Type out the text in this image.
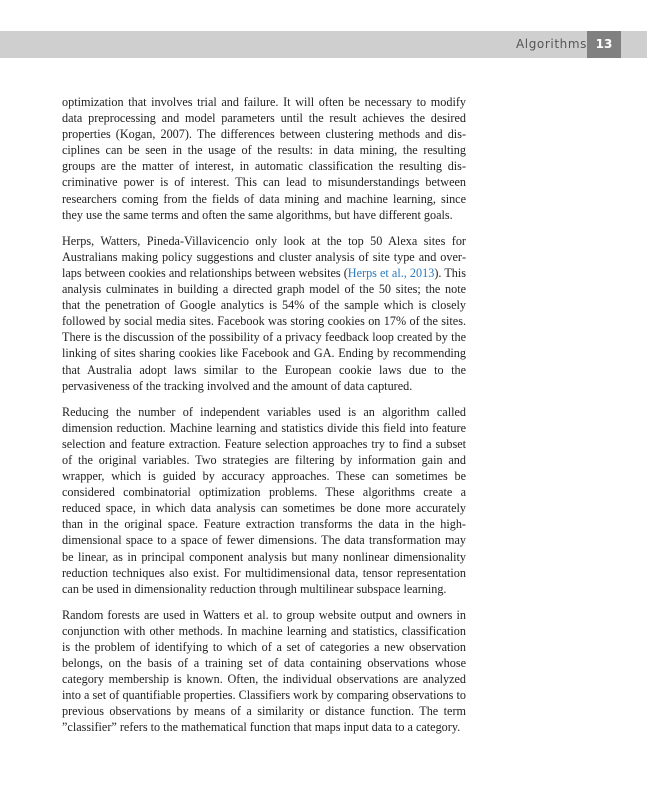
Algorithms 13

optimization that involves trial and failure. It will often be necessary to modify data preprocessing and model parameters until the result achieves the desired properties (Kogan, 2007). The differences between clustering methods and disciplines can be seen in the usage of the results: in data mining, the resulting groups are the matter of interest, in automatic classification the resulting discriminative power is of interest. This can lead to misunderstandings between researchers coming from the fields of data mining and machine learning, since they use the same terms and often the same algorithms, but have different goals.

Herps, Watters, Pineda-Villavicencio only look at the top 50 Alexa sites for Australians making policy suggestions and cluster analysis of site type and overlaps between cookies and relationships between websites (Herps et al., 2013). This analysis culminates in building a directed graph model of the 50 sites; the note that the penetration of Google analytics is 54% of the sample which is closely followed by social media sites. Facebook was storing cookies on 17% of the sites. There is the discussion of the possibility of a privacy feedback loop created by the linking of sites sharing cookies like Facebook and GA. Ending by recommending that Australia adopt laws similar to the European cookie laws due to the pervasiveness of the tracking involved and the amount of data captured.

Reducing the number of independent variables used is an algorithm called dimension reduction. Machine learning and statistics divide this field into feature selection and feature extraction. Feature selection approaches try to find a subset of the original variables. Two strategies are filtering by information gain and wrapper, which is guided by accuracy approaches. These can sometimes be considered combinatorial optimization problems. These algorithms create a reduced space, in which data analysis can sometimes be done more accurately than in the original space. Feature extraction transforms the data in the high-dimensional space to a space of fewer dimensions. The data transformation may be linear, as in principal component analysis but many nonlinear dimensionality reduction techniques also exist. For multidimensional data, tensor representation can be used in dimensionality reduction through multilinear subspace learning.

Random forests are used in Watters et al. to group website output and owners in conjunction with other methods. In machine learning and statistics, classification is the problem of identifying to which of a set of categories a new observation belongs, on the basis of a training set of data containing observations whose category membership is known. Often, the individual observations are analyzed into a set of quantifiable properties. Classifiers work by comparing observations to previous observations by means of a similarity or distance function. The term ”classifier” refers to the mathematical function that maps input data to a category.
